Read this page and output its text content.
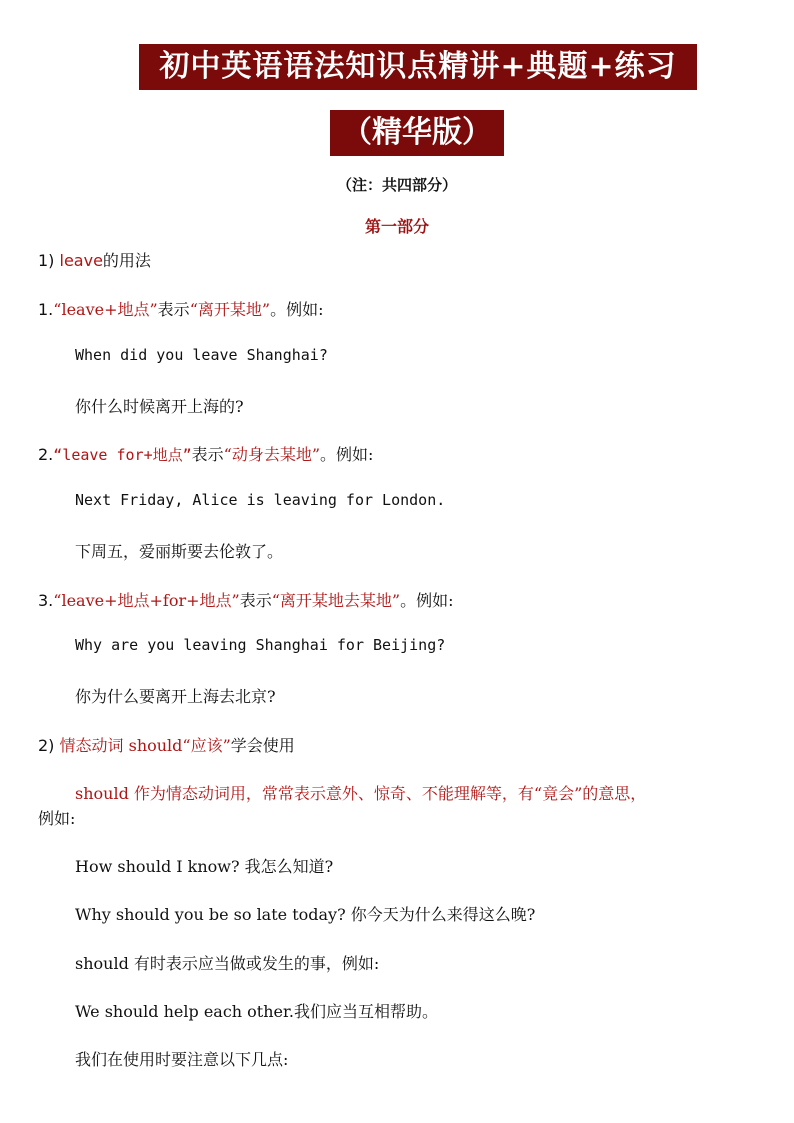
初中英语语法知识点精讲+典题+练习
（精华版）
（注：共四部分）
第一部分
1) leave的用法
1.“leave+地点”表示“离开某地”。例如:
When did you leave Shanghai?
你什么时候离开上海的?
2.“leave for+地点”表示“动身去某地”。例如:
Next Friday, Alice is leaving for London.
下周五，爱丽斯要去伦敦了。
3.“leave+地点+for+地点”表示“离开某地去某地”。例如:
Why are you leaving Shanghai for Beijing?
你为什么要离开上海去北京?
2) 情态动词 should“应该”学会使用
should 作为情态动词用，常常表示意外、惊奇、不能理解等，有“竟会”的意思，
例如:
How should I know? 我怎么知道?
Why should you be so late today? 你今天为什么来得这么晚?
should 有时表示应当做或发生的事，例如:
We should help each other.我们应当互相帮助。
我们在使用时要注意以下几点:
